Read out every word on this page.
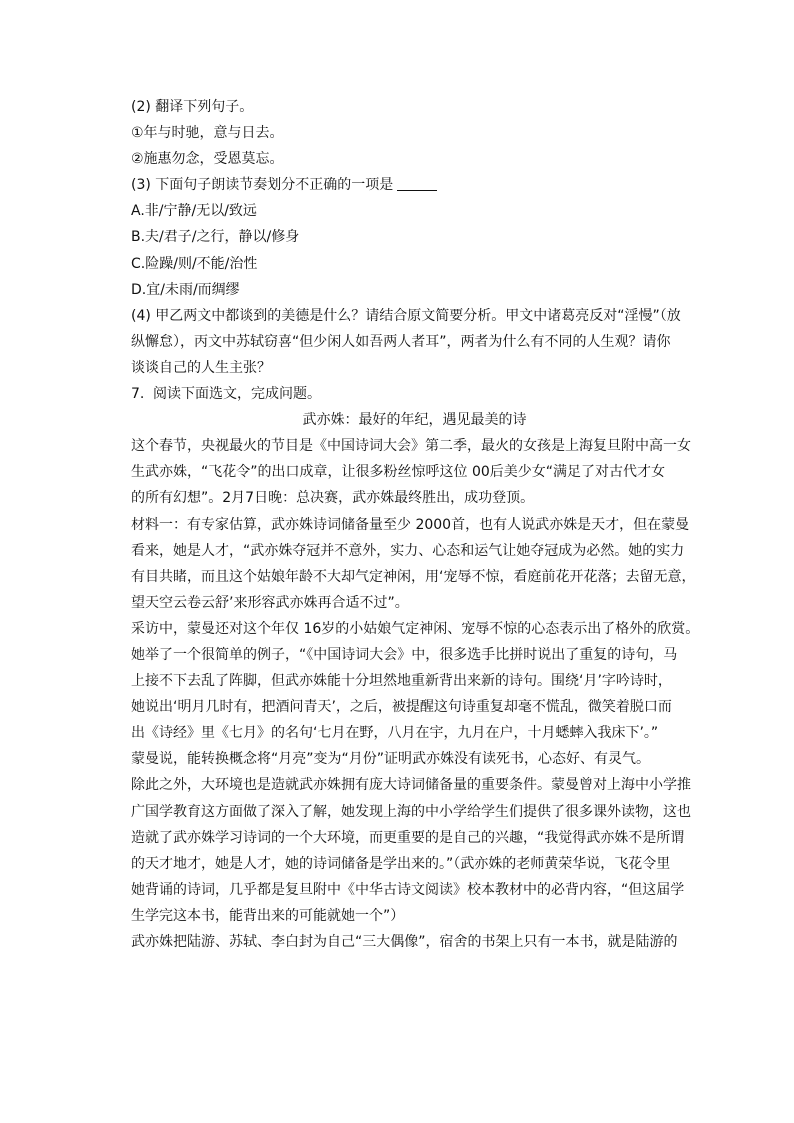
(2) 翻译下列句子。
①年与时驰，意与日去。
②施惠勿念，受恩莫忘。
(3) 下面句子朗读节奏划分不正确的一项是
A.非/宁静/无以/致远
B.夫/君子/之行，静以/修身
C.险躁/则/不能/治性
D.宜/未雨/而绸缪
(4) 甲乙两文中都谈到的美德是什么？请结合原文简要分析。甲文中诸葛亮反对“淫慢”（放
纵懈怠），丙文中苏轼窃喜“但少闲人如吾两人者耳”，两者为什么有不同的人生观？请你
谈谈自己的人生主张？
7. 阅读下面选文，完成问题。
武亦姝：最好的年纪，遇见最美的诗
这个春节，央视最火的节目是《中国诗词大会》第二季，最火的女孩是上海复旦附中高一女
生武亦姝，“飞花令”的出口成章，让很多粉丝惊呼这位 00后美少女“满足了对古代才女
的所有幻想”。2月7日晚：总决赛，武亦姝最终胜出，成功登顶。
材料一：有专家估算，武亦姝诗词储备量至少 2000首，也有人说武亦姝是天才，但在蒙曼
看来，她是人才，“武亦姝夺冠并不意外，实力、心态和运气让她夺冠成为必然。她的实力
有目共睹，而且这个姑娘年龄不大却气定神闲，用‘宠辱不惊，看庭前花开花落；去留无意，
望天空云卷云舒’来形容武亦姝再合适不过”。
采访中，蒙曼还对这个年仅 16岁的小姑娘气定神闲、宠辱不惊的心态表示出了格外的欣赏。
她举了一个很简单的例子，“《中国诗词大会》中，很多选手比拼时说出了重复的诗句，马
上接不下去乱了阵脚，但武亦姝能十分坦然地重新背出来新的诗句。围绕‘月’字吟诗时，
她说出‘明月几时有，把酒问青天’，之后，被提醒这句诗重复却毫不慌乱，微笑着脱口而
出《诗经》里《七月》的名句‘七月在野，八月在宇，九月在户，十月蟋蟀入我床下’。”
蒙曼说，能转换概念将“月亮”变为“月份”证明武亦姝没有读死书，心态好、有灵气。
除此之外，大环境也是造就武亦姝拥有庞大诗词储备量的重要条件。蒙曼曾对上海中小学推
广国学教育这方面做了深入了解，她发现上海的中小学给学生们提供了很多课外读物，这也
造就了武亦姝学习诗词的一个大环境，而更重要的是自己的兴趣，“我觉得武亦姝不是所谓
的天才地才，她是人才，她的诗词储备是学出来的。”（武亦姝的老师黄荣华说，飞花令里
她背诵的诗词，几乎都是复旦附中《中华古诗文阅读》校本教材中的必背内容，“但这届学
生学完这本书，能背出来的可能就她一个”）
武亦姝把陆游、苏轼、李白封为自己“三大偶像”，宿舍的书架上只有一本书，就是陆游的
